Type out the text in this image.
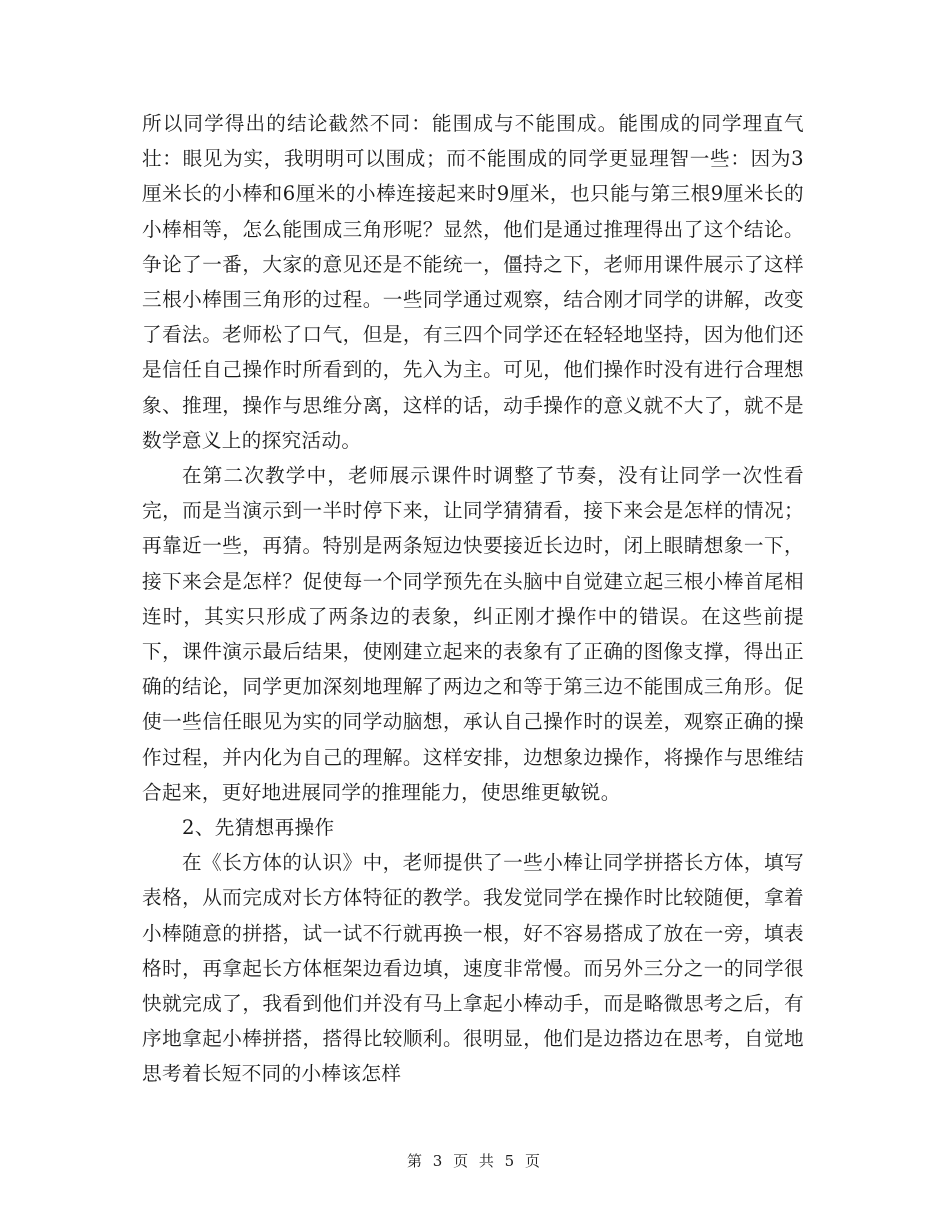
所以同学得出的结论截然不同：能围成与不能围成。能围成的同学理直气壮：眼见为实，我明明可以围成；而不能围成的同学更显理智一些：因为3厘米长的小棒和6厘米的小棒连接起来时9厘米，也只能与第三根9厘米长的小棒相等，怎么能围成三角形呢？显然，他们是通过推理得出了这个结论。争论了一番，大家的意见还是不能统一，僵持之下，老师用课件展示了这样三根小棒围三角形的过程。一些同学通过观察，结合刚才同学的讲解，改变了看法。老师松了口气，但是，有三四个同学还在轻轻地坚持，因为他们还是信任自己操作时所看到的，先入为主。可见，他们操作时没有进行合理想象、推理，操作与思维分离，这样的话，动手操作的意义就不大了，就不是数学意义上的探究活动。

在第二次教学中，老师展示课件时调整了节奏，没有让同学一次性看完，而是当演示到一半时停下来，让同学猜猜看，接下来会是怎样的情况；再靠近一些，再猜。特别是两条短边快要接近长边时，闭上眼睛想象一下，接下来会是怎样？促使每一个同学预先在头脑中自觉建立起三根小棒首尾相连时，其实只形成了两条边的表象，纠正刚才操作中的错误。在这些前提下，课件演示最后结果，使刚建立起来的表象有了正确的图像支撑，得出正确的结论，同学更加深刻地理解了两边之和等于第三边不能围成三角形。促使一些信任眼见为实的同学动脑想，承认自己操作时的误差，观察正确的操作过程，并内化为自己的理解。这样安排，边想象边操作，将操作与思维结合起来，更好地进展同学的推理能力，使思维更敏锐。

2、先猜想再操作

在《长方体的认识》中，老师提供了一些小棒让同学拼搭长方体，填写表格，从而完成对长方体特征的教学。我发觉同学在操作时比较随便，拿着小棒随意的拼搭，试一试不行就再换一根，好不容易搭成了放在一旁，填表格时，再拿起长方体框架边看边填，速度非常慢。而另外三分之一的同学很快就完成了，我看到他们并没有马上拿起小棒动手，而是略微思考之后，有序地拿起小棒拼搭，搭得比较顺利。很明显，他们是边搭边在思考，自觉地思考着长短不同的小棒该怎样

第 3 页 共 5 页
